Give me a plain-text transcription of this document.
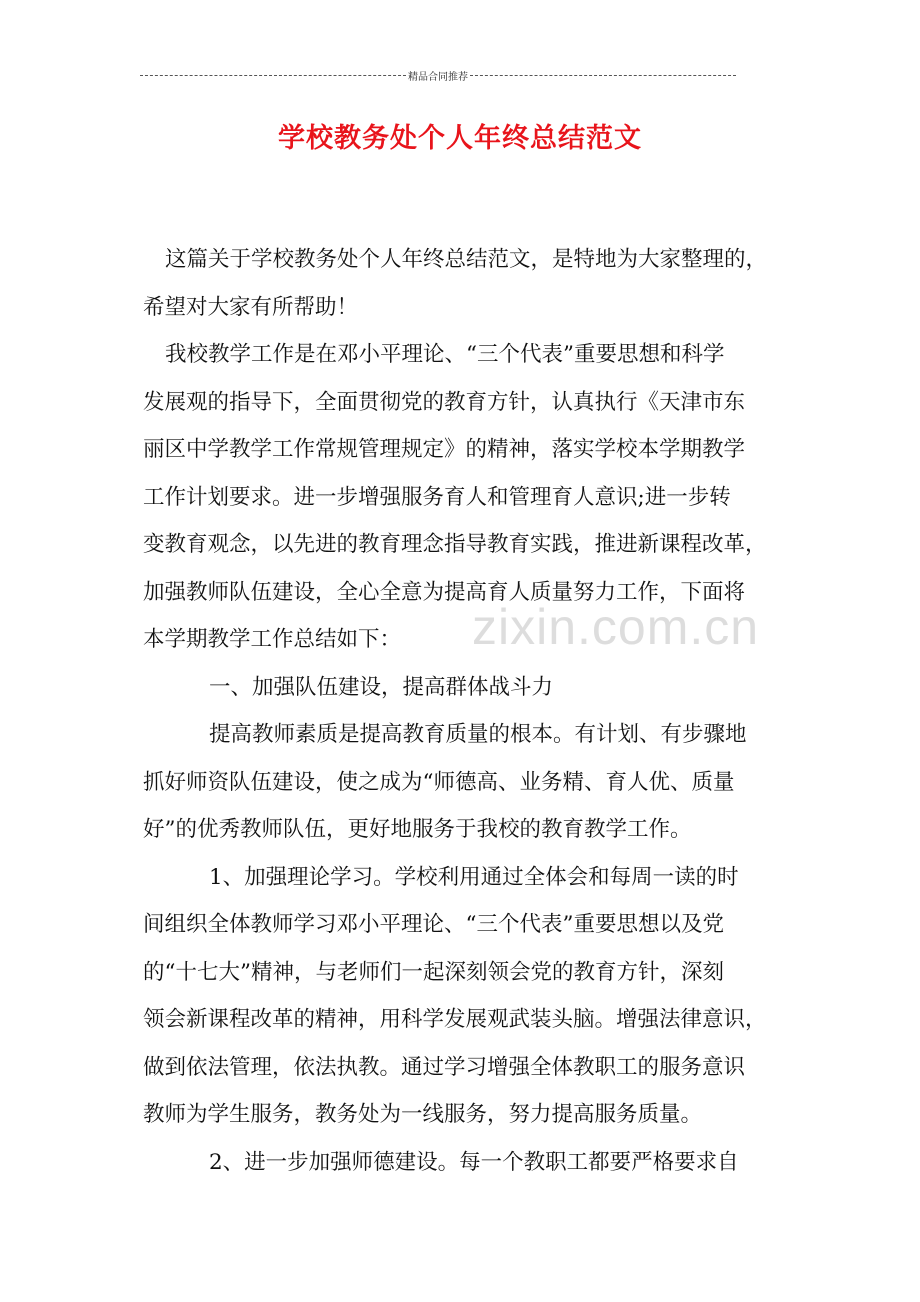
精品合同推荐
学校教务处个人年终总结范文
这篇关于学校教务处个人年终总结范文，是特地为大家整理的，
希望对大家有所帮助！
我校教学工作是在邓小平理论、“三个代表”重要思想和科学
发展观的指导下，全面贯彻党的教育方针，认真执行《天津市东
丽区中学教学工作常规管理规定》的精神，落实学校本学期教学
工作计划要求。进一步增强服务育人和管理育人意识;进一步转
变教育观念，以先进的教育理念指导教育实践，推进新课程改革，
加强教师队伍建设，全心全意为提高育人质量努力工作，下面将
本学期教学工作总结如下：
一、加强队伍建设，提高群体战斗力
提高教师素质是提高教育质量的根本。有计划、有步骤地
抓好师资队伍建设，使之成为“师德高、业务精、育人优、质量
好”的优秀教师队伍，更好地服务于我校的教育教学工作。
1、加强理论学习。学校利用通过全体会和每周一读的时
间组织全体教师学习邓小平理论、“三个代表”重要思想以及党
的“十七大”精神，与老师们一起深刻领会党的教育方针，深刻
领会新课程改革的精神，用科学发展观武装头脑。增强法律意识，
做到依法管理，依法执教。通过学习增强全体教职工的服务意识
教师为学生服务，教务处为一线服务，努力提高服务质量。
2、进一步加强师德建设。每一个教职工都要严格要求自
zixin.com.cn
